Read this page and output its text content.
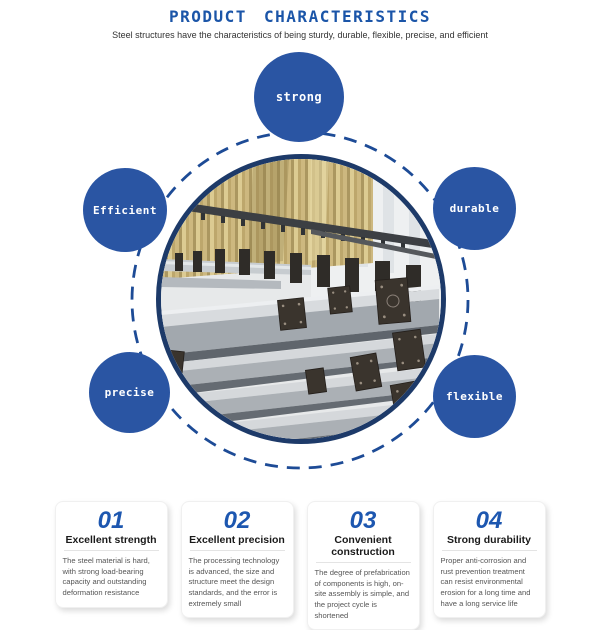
PRODUCT CHARACTERISTICS
Steel structures have the characteristics of being sturdy, durable, flexible, precise, and efficient
strong
Efficient	durable
precise	flexible
01
Excellent strength
The steel material is hard, with strong load-bearing capacity and outstanding deformation resistance
02
Excellent precision
The processing technology is advanced, the size and structure meet the design standards, and the error is extremely small
03
Convenient construction
The degree of prefabrication of components is high, on-site assembly is simple, and the project cycle is shortened
04
Strong durability
Proper anti-corrosion and rust prevention treatment can resist environmental erosion for a long time and have a long service life
